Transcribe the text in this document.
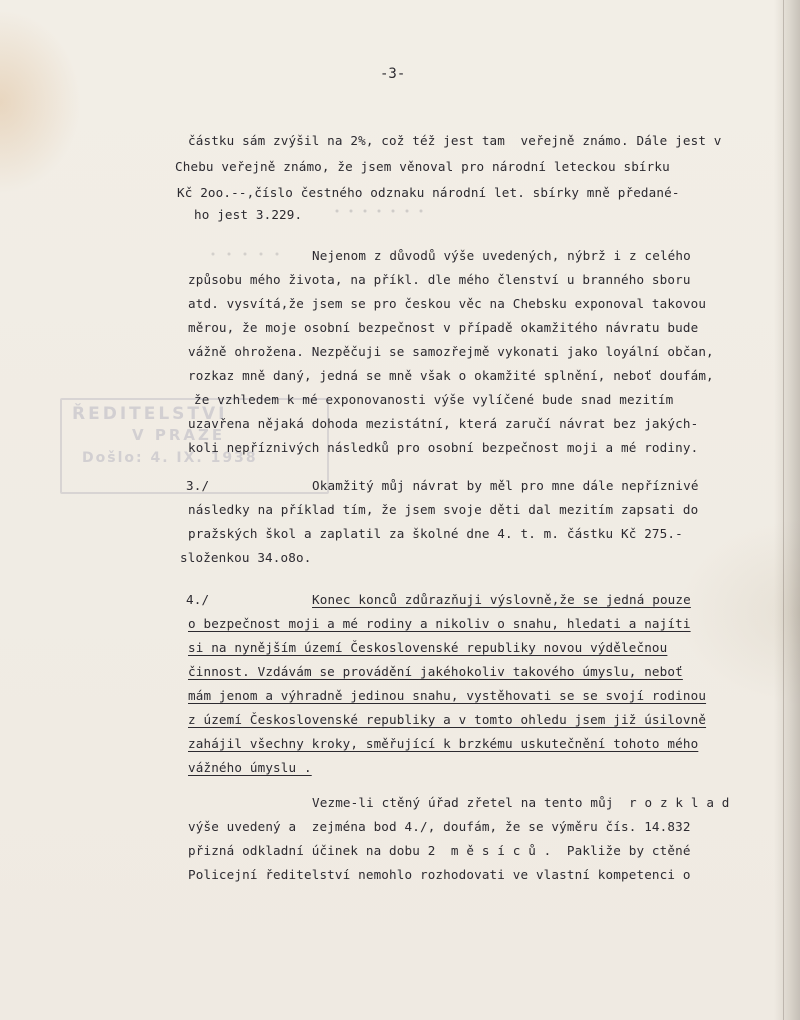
ŘEDITELSTVÍ
V PRAZE
Došlo: 4. IX. 1938
-3-
částku sám zvýšil na 2%, což též jest tam  veřejně známo. Dále jest v
Chebu veřejně známo, že jsem věnoval pro národní leteckou sbírku
Kč 2oo.--,číslo čestného odznaku národní let. sbírky mně předané-
ho jest 3.229.
Nejenom z důvodů výše uvedených, nýbrž i z celého
způsobu mého života, na příkl. dle mého členství u branného sboru
atd. vysvítá,že jsem se pro českou věc na Chebsku exponoval takovou
měrou, že moje osobní bezpečnost v případě okamžitého návratu bude
vážně ohrožena. Nezpěčuji se samozřejmě vykonati jako loyální občan,
rozkaz mně daný, jedná se mně však o okamžité splnění, neboť doufám,
že vzhledem k mé exponovanosti výše vylíčené bude snad mezitím
uzavřena nějaká dohoda mezistátní, která zaručí návrat bez jakých-
koli nepříznivých následků pro osobní bezpečnost moji a mé rodiny.
3./	Okamžitý můj návrat by měl pro mne dále nepříznivé
následky na příklad tím, že jsem svoje děti dal mezitím zapsati do
pražských škol a zaplatil za školné dne 4. t. m. částku Kč 275.-
složenkou 34.o8o.
4./	Konec konců zdůrazňuji výslovně,že se jedná pouze
o bezpečnost moji a mé rodiny a nikoliv o snahu, hledati a najíti
si na nynějším území Československé republiky novou výdělečnou
činnost. Vzdávám se provádění jakéhokoliv takového úmyslu, neboť
mám jenom a výhradně jedinou snahu, vystěhovati se se svojí rodinou
z území Československé republiky a v tomto ohledu jsem již úsilovně
zahájil všechny kroky, směřující k brzkému uskutečnění tohoto mého
vážného úmyslu .
Vezme-li ctěný úřad zřetel na tento můj  r o z k l a d
výše uvedený a  zejména bod 4./, doufám, že se výměru čís. 14.832
přizná odkladní účinek na dobu 2  m ě s í c ů .  Pakliže by ctěné
Policejní ředitelství nemohlo rozhodovati ve vlastní kompetenci o
